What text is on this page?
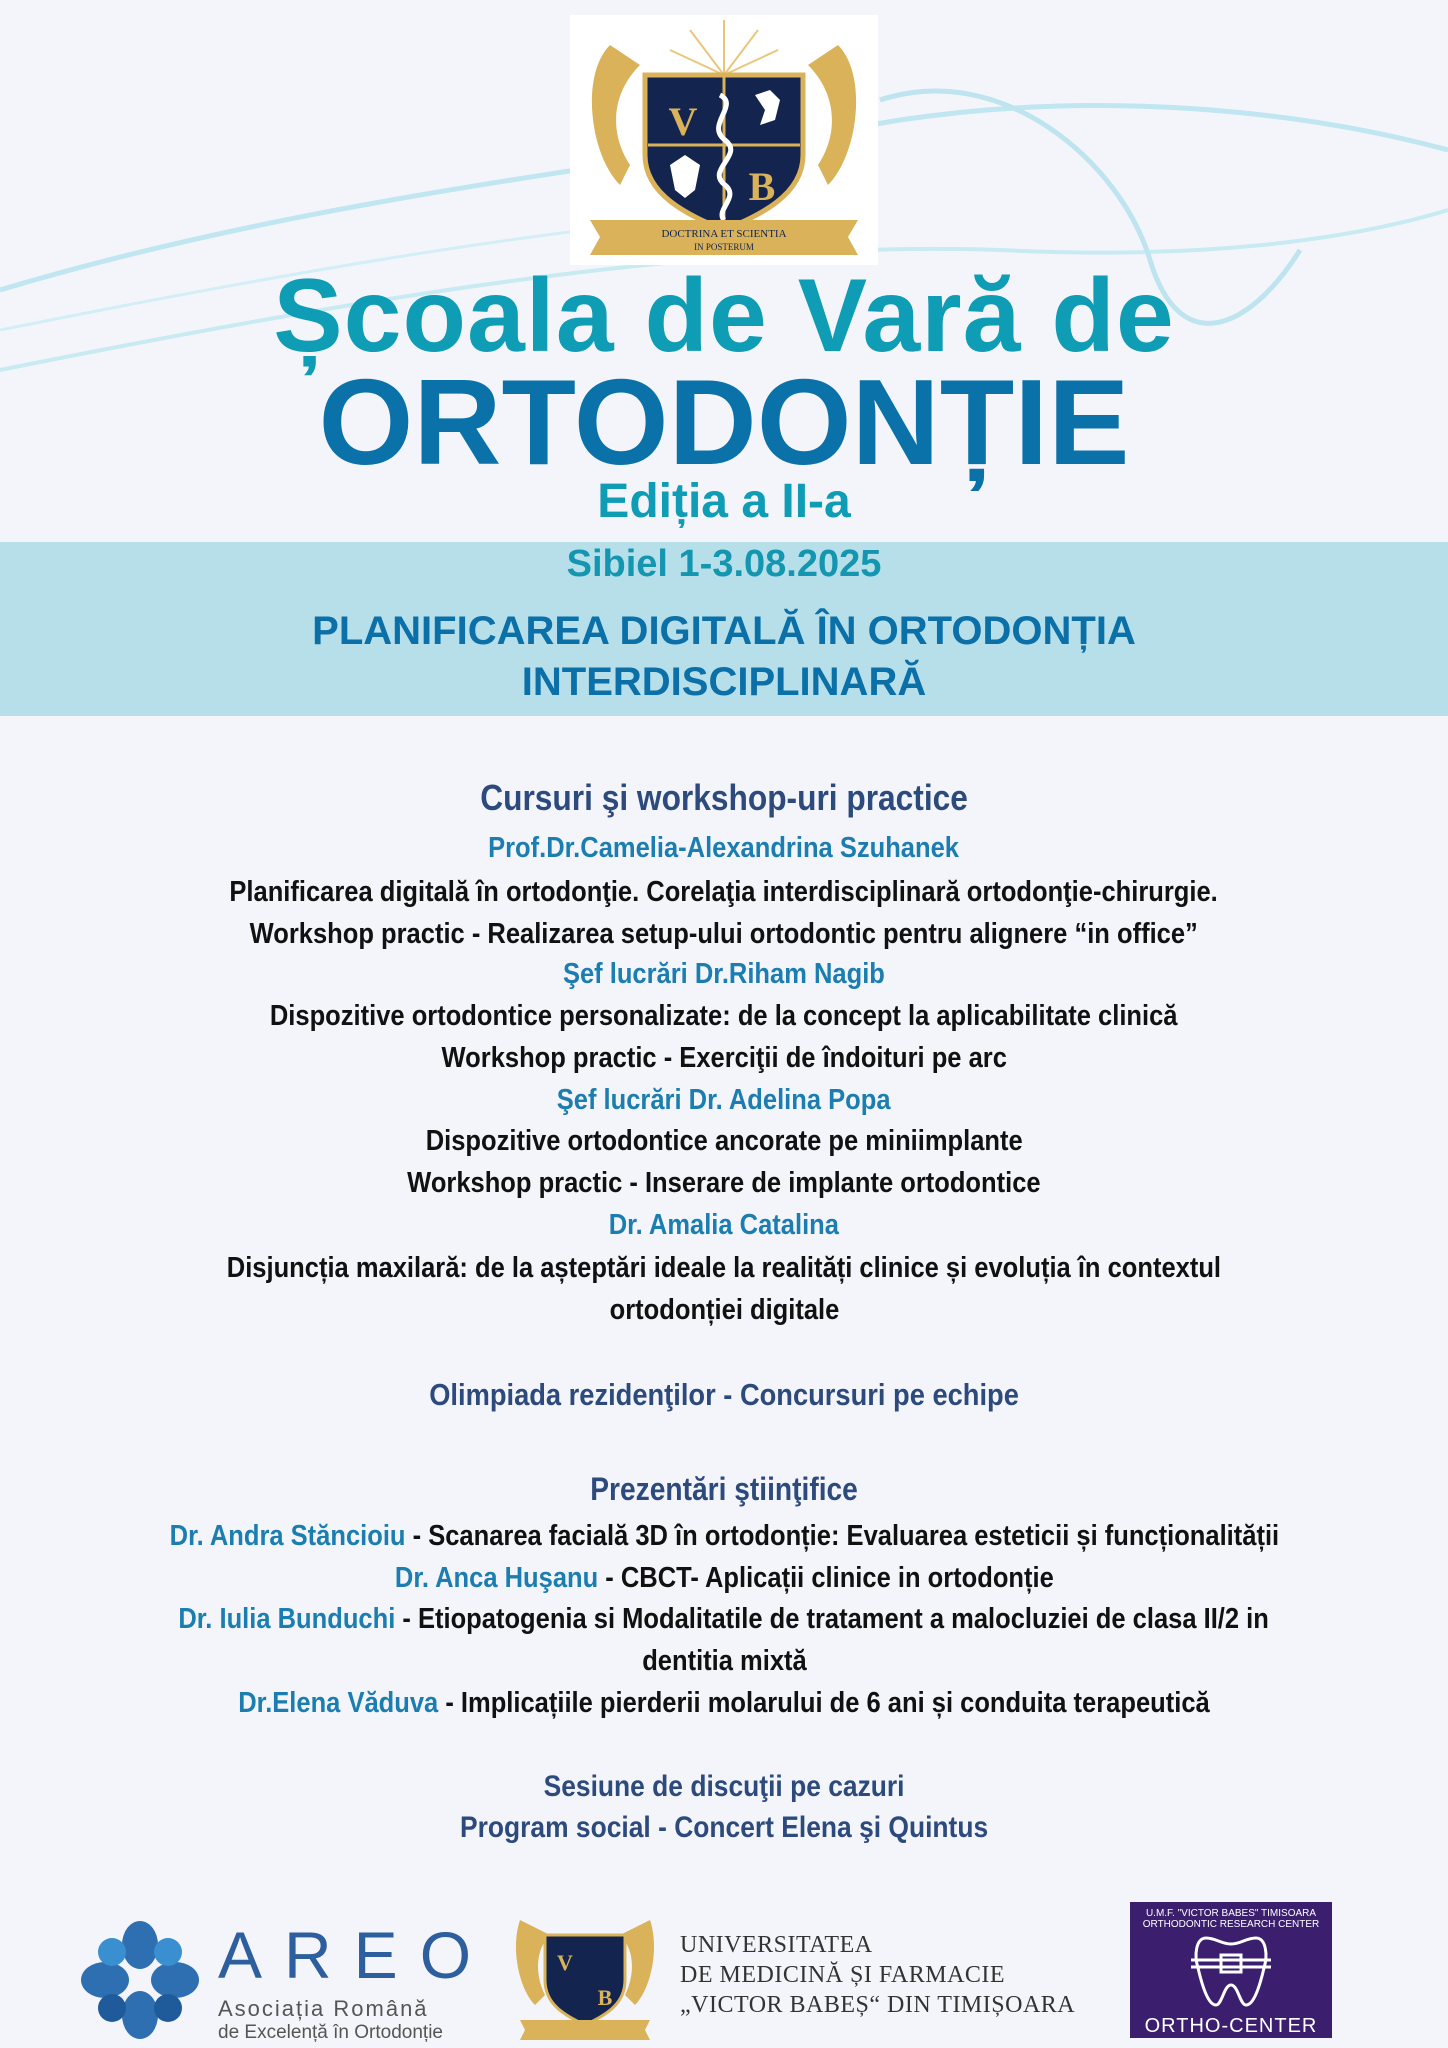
V
B
DOCTRINA ET SCIENTIA
IN POSTERUM
Școala de Vară de
ORTODONȚIE
Ediția a II-a
Sibiel 1-3.08.2025
PLANIFICAREA DIGITALĂ ÎN ORTODONȚIA
INTERDISCIPLINARĂ
Cursuri şi workshop-uri practice
Prof.Dr.Camelia-Alexandrina Szuhanek
Planificarea digitală în ortodonţie. Corelaţia interdisciplinară ortodonţie-chirurgie.
Workshop practic - Realizarea setup-ului ortodontic pentru alignere “in office”
Şef lucrări Dr.Riham Nagib
Dispozitive ortodontice personalizate: de la concept la aplicabilitate clinică
Workshop practic - Exerciţii de îndoituri pe arc
Şef lucrări Dr. Adelina Popa
Dispozitive ortodontice ancorate pe miniimplante
Workshop practic - Inserare de implante ortodontice
Dr. Amalia Catalina
Disjuncția maxilară: de la așteptări ideale la realități clinice și evoluția în contextul
ortodonției digitale
Olimpiada rezidenţilor - Concursuri pe echipe
Prezentări ştiinţifice
Dr. Andra Stăncioiu - Scanarea facială 3D în ortodonție: Evaluarea esteticii și funcționalității
Dr. Anca Huşanu - CBCT- Aplicații clinice in ortodonție
Dr. Iulia Bunduchi - Etiopatogenia si Modalitatile de tratament a malocluziei de clasa II/2 in
dentitia mixtă
Dr.Elena Văduva - Implicațiile pierderii molarului de 6 ani și conduita terapeutică
Sesiune de discuţii pe cazuri
Program social - Concert Elena şi Quintus
AREO
Asociația Română
de Excelență în Ortodonție
V
B
UNIVERSITATEA
DE MEDICINĂ ȘI FARMACIE
„VICTOR BABEȘ“ DIN TIMIȘOARA
U.M.F. "VICTOR BABES" TIMISOARA
ORTHODONTIC RESEARCH CENTER
ORTHO-CENTER
